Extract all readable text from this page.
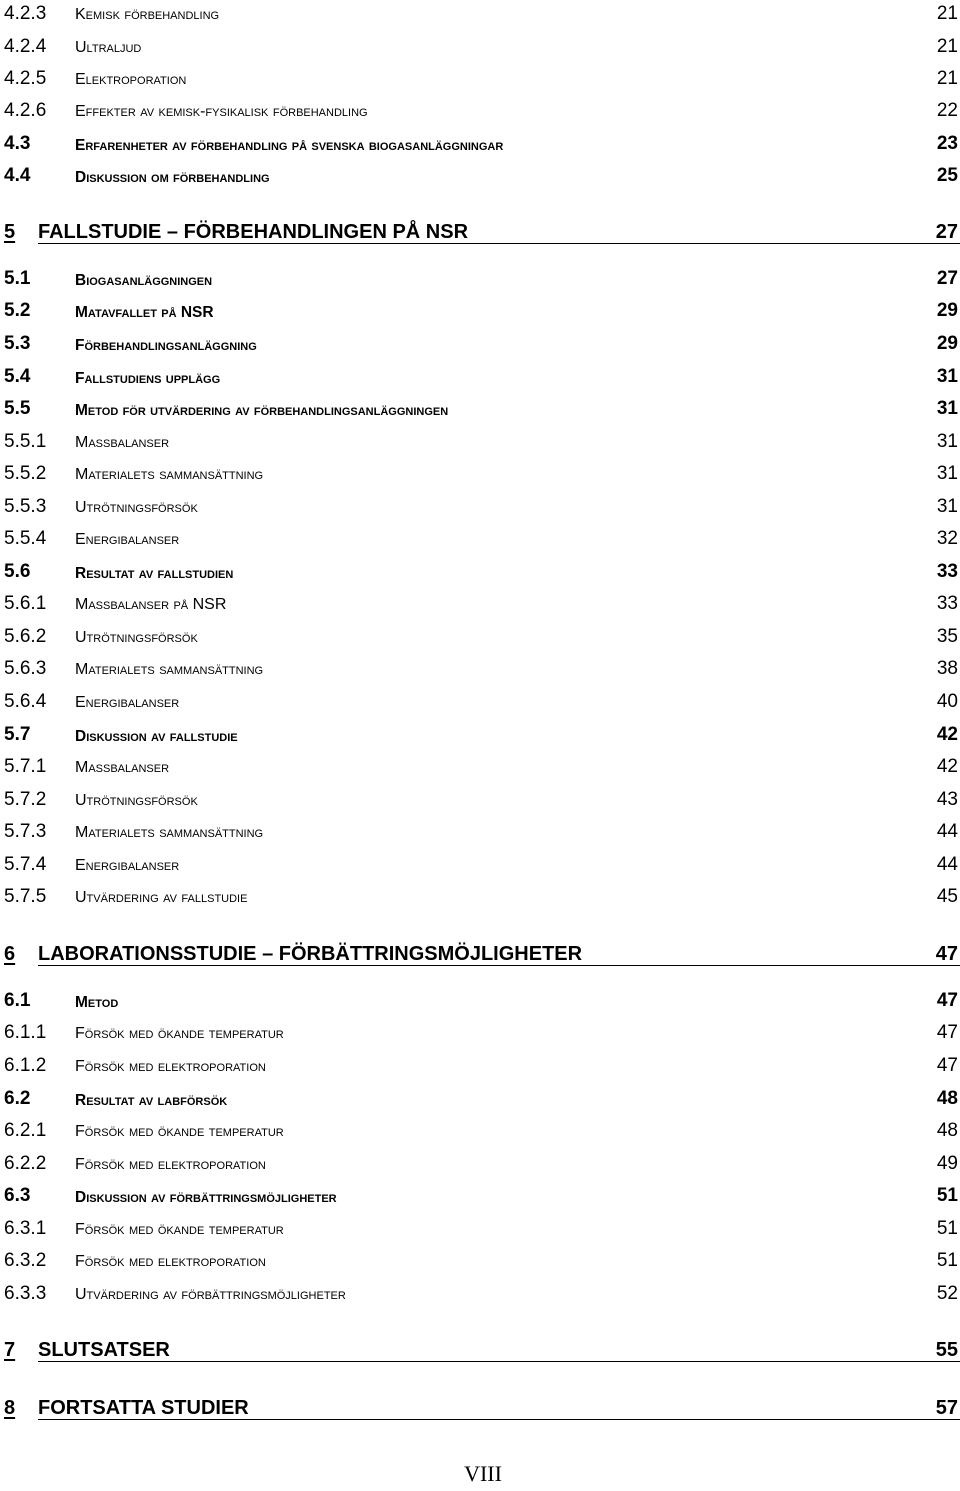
4.2.3 Kemisk förbehandling	21
4.2.4 Ultraljud	21
4.2.5 Elektroporation	21
4.2.6 Effekter av kemisk-fysikalisk förbehandling	22
4.3	Erfarenheter av förbehandling på svenska biogasanläggningar	23
4.4	Diskussion om förbehandling	25
5 FALLSTUDIE – FÖRBEHANDLINGEN PÅ NSR	27
5.1	Biogasanläggningen	27
5.2	Matavfallet på NSR	29
5.3	Förbehandlingsanläggning	29
5.4	Fallstudiens upplägg	31
5.5	Metod för utvärdering av förbehandlingsanläggningen	31
5.5.1 Massbalanser	31
5.5.2 Materialets sammansättning	31
5.5.3 Utrötningsförsök	31
5.5.4 Energibalanser	32
5.6	Resultat av fallstudien	33
5.6.1 Massbalanser på NSR	33
5.6.2 Utrötningsförsök	35
5.6.3 Materialets sammansättning	38
5.6.4 Energibalanser	40
5.7	Diskussion av fallstudie	42
5.7.1 Massbalanser	42
5.7.2 Utrötningsförsök	43
5.7.3 Materialets sammansättning	44
5.7.4 Energibalanser	44
5.7.5 Utvärdering av fallstudie	45
6 LABORATIONSSTUDIE – FÖRBÄTTRINGSMÖJLIGHETER	47
6.1	Metod	47
6.1.1 Försök med ökande temperatur	47
6.1.2 Försök med elektroporation	47
6.2	Resultat av labförsök	48
6.2.1 Försök med ökande temperatur	48
6.2.2 Försök med elektroporation	49
6.3	Diskussion av förbättringsmöjligheter	51
6.3.1 Försök med ökande temperatur	51
6.3.2 Försök med elektroporation	51
6.3.3 Utvärdering av förbättringsmöjligheter	52
7 SLUTSATSER	55
8 FORTSATTA STUDIER	57
VIII
